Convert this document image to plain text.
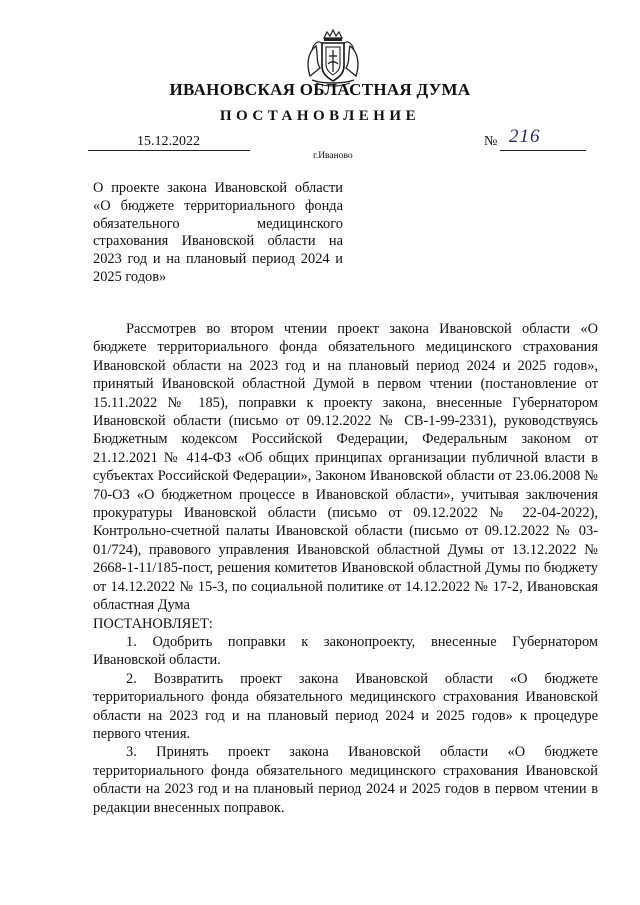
ИВАНОВСКАЯ ОБЛАСТНАЯ ДУМА
ПОСТАНОВЛЕНИЕ
15.12.2022	№ 216
г.Иваново
О проекте закона Ивановской области «О бюджете территориального фонда обязательного медицинского страхования Ивановской области на 2023 год и на плановый период 2024 и 2025 годов»

Рассмотрев во втором чтении проект закона Ивановской области «О бюджете территориального фонда обязательного медицинского страхования Ивановской области на 2023 год и на плановый период 2024 и 2025 годов», принятый Ивановской областной Думой в первом чтении (постановление от 15.11.2022 № 185), поправки к проекту закона, внесенные Губернатором Ивановской области (письмо от 09.12.2022 № СВ-1-99-2331), руководствуясь Бюджетным кодексом Российской Федерации, Федеральным законом от 21.12.2021 № 414-ФЗ «Об общих принципах организации публичной власти в субъектах Российской Федерации», Законом Ивановской области от 23.06.2008 № 70-ОЗ «О бюджетном процессе в Ивановской области», учитывая заключения прокуратуры Ивановской области (письмо от 09.12.2022 № 22-04-2022), Контрольно-счетной палаты Ивановской области (письмо от 09.12.2022 № 03-01/724), правового управления Ивановской областной Думы от 13.12.2022 № 2668-1-11/185-пост, решения комитетов Ивановской областной Думы по бюджету от 14.12.2022 № 15-3, по социальной политике от 14.12.2022 № 17-2, Ивановская областная Дума

ПОСТАНОВЛЯЕТ:

1. Одобрить поправки к законопроекту, внесенные Губернатором Ивановской области.

2. Возвратить проект закона Ивановской области «О бюджете территориального фонда обязательного медицинского страхования Ивановской области на 2023 год и на плановый период 2024 и 2025 годов» к процедуре первого чтения.

3. Принять проект закона Ивановской области «О бюджете территориального фонда обязательного медицинского страхования Ивановской области на 2023 год и на плановый период 2024 и 2025 годов в первом чтении в редакции внесенных поправок.
